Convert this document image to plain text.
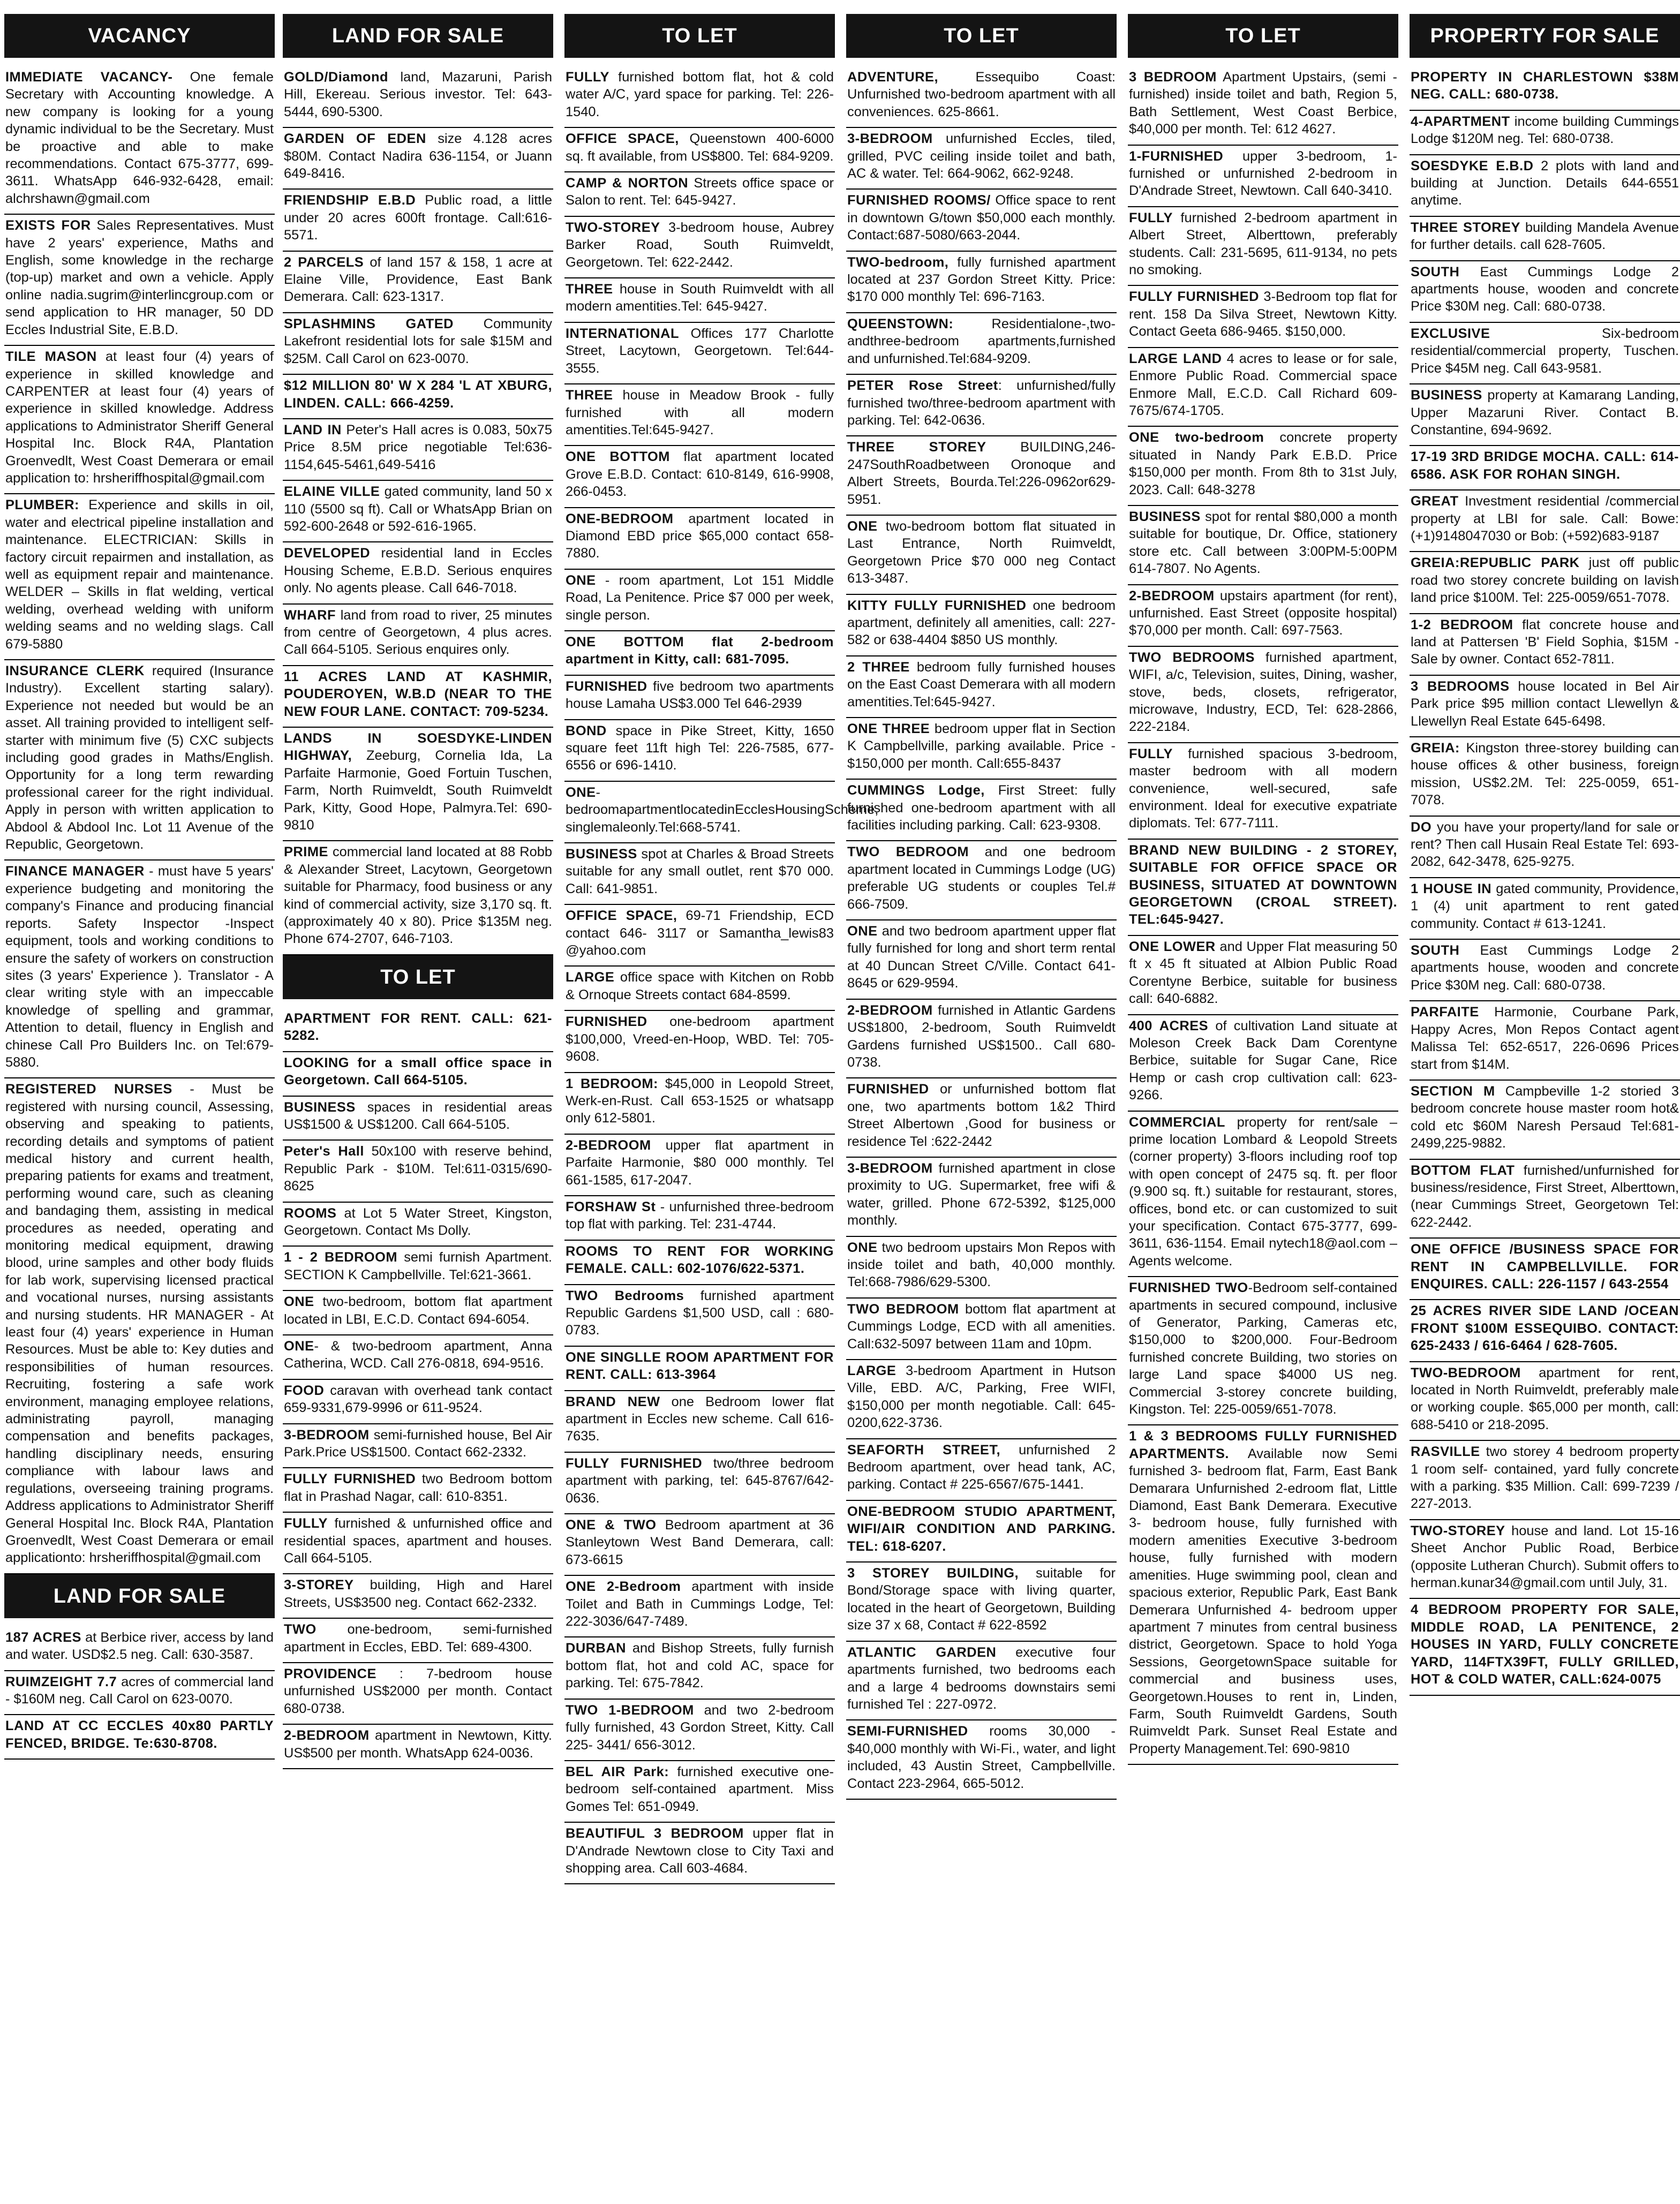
VACANCY
IMMEDIATE VACANCY- One female Secretary with Accounting knowledge. A new company is looking for a young dynamic individual to be the Secretary. Must be proactive and able to make recommendations. Contact 675-3777, 699-3611. WhatsApp 646-932-6428, email: alchrshawn@gmail.com
EXISTS FOR Sales Representatives. Must have 2 years' experience, Maths and English, some knowledge in the recharge (top-up) market and own a vehicle. Apply online nadia.sugrim@interlincgroup.com or send application to HR manager, 50 DD Eccles Industrial Site, E.B.D.
TILE MASON at least four (4) years of experience in skilled knowledge and CARPENTER at least four (4) years of experience in skilled knowledge. Address applications to Administrator Sheriff General Hospital Inc. Block R4A, Plantation Groenvedlt, West Coast Demerara or email application to: hrsheriffhospital@gmail.com
PLUMBER: Experience and skills in oil, water and electrical pipeline installation and maintenance. ELECTRICIAN: Skills in factory circuit repairmen and installation, as well as equipment repair and maintenance. WELDER – Skills in flat welding, vertical welding, overhead welding with uniform welding seams and no welding slags. Call 679-5880
INSURANCE CLERK required (Insurance Industry). Excellent starting salary). Experience not needed but would be an asset. All training provided to intelligent self-starter with minimum five (5) CXC subjects including good grades in Maths/English. Opportunity for a long term rewarding professional career for the right individual. Apply in person with written application to Abdool & Abdool Inc. Lot 11 Avenue of the Republic, Georgetown.
FINANCE MANAGER - must have 5 years' experience budgeting and monitoring the company's Finance and producing financial reports. Safety Inspector -Inspect equipment, tools and working conditions to ensure the safety of workers on construction sites (3 years' Experience ). Translator - A clear writing style with an impeccable knowledge of spelling and grammar, Attention to detail, fluency in English and chinese Call Pro Builders Inc. on Tel:679-5880.
REGISTERED NURSES - Must be registered with nursing council, Assessing, observing and speaking to patients, recording details and symptoms of patient medical history and current health, preparing patients for exams and treatment, performing wound care, such as cleaning and bandaging them, assisting in medical procedures as needed, operating and monitoring medical equipment, drawing blood, urine samples and other body fluids for lab work, supervising licensed practical and vocational nurses, nursing assistants and nursing students. HR MANAGER - At least four (4) years' experience in Human Resources. Must be able to: Key duties and responsibilities of human resources. Recruiting, fostering a safe work environment, managing employee relations, administrating payroll, managing compensation and benefits packages, handling disciplinary needs, ensuring compliance with labour laws and regulations, overseeing training programs. Address applications to Administrator Sheriff General Hospital Inc. Block R4A, Plantation Groenvedlt, West Coast Demerara or email applicationto: hrsheriffhospital@gmail.com
LAND FOR SALE
187 ACRES at Berbice river, access by land and water. USD$2.5 neg. Call: 630-3587.
RUIMZEIGHT 7.7 acres of commercial land - $160M neg. Call Carol on 623-0070.
LAND AT CC ECCLES 40x80 PARTLY FENCED, BRIDGE. Te:630-8708.
LAND FOR SALE
GOLD/Diamond land, Mazaruni, Parish Hill, Ekereau. Serious investor. Tel: 643-5444, 690-5300.
GARDEN OF EDEN size 4.128 acres $80M. Contact Nadira 636-1154, or Juann 649-8416.
FRIENDSHIP E.B.D Public road, a little under 20 acres 600ft frontage. Call:616-5571.
2 PARCELS of land 157 & 158, 1 acre at Elaine Ville, Providence, East Bank Demerara. Call: 623-1317.
SPLASHMINS GATED Community Lakefront residential lots for sale $15M and $25M. Call Carol on 623-0070.
$12 MILLION 80' W X 284 'L AT XBURG, LINDEN. CALL: 666-4259.
LAND IN Peter's Hall acres is 0.083, 50x75 Price 8.5M price negotiable Tel:636-1154,645-5461,649-5416
ELAINE VILLE gated community, land 50 x 110 (5500 sq ft). Call or WhatsApp Brian on 592-600-2648 or 592-616-1965.
DEVELOPED residential land in Eccles Housing Scheme, E.B.D. Serious enquires only. No agents please. Call 646-7018.
WHARF land from road to river, 25 minutes from centre of Georgetown, 4 plus acres. Call 664-5105. Serious enquires only.
11 ACRES LAND AT KASHMIR, POUDEROYEN, W.B.D (NEAR TO THE NEW FOUR LANE. CONTACT: 709-5234.
LANDS IN SOESDYKE-LINDEN HIGHWAY, Zeeburg, Cornelia Ida, La Parfaite Harmonie, Goed Fortuin Tuschen, Farm, North Ruimveldt, South Ruimveldt Park, Kitty, Good Hope, Palmyra.Tel: 690-9810
PRIME commercial land located at 88 Robb & Alexander Street, Lacytown, Georgetown suitable for Pharmacy, food business or any kind of commercial activity, size 3,170 sq. ft. (approximately 40 x 80). Price $135M neg. Phone 674-2707, 646-7103.
TO LET
APARTMENT FOR RENT. CALL: 621-5282.
LOOKING for a small office space in Georgetown. Call 664-5105.
BUSINESS spaces in residential areas US$1500 & US$1200. Call 664-5105.
Peter's Hall 50x100 with reserve behind, Republic Park - $10M. Tel:611-0315/690-8625
ROOMS at Lot 5 Water Street, Kingston, Georgetown. Contact Ms Dolly.
1 - 2 BEDROOM semi furnish Apartment. SECTION K Campbellville. Tel:621-3661.
ONE two-bedroom, bottom flat apartment located in LBI, E.C.D. Contact 694-6054.
ONE- & two-bedroom apartment, Anna Catherina, WCD. Call 276-0818, 694-9516.
FOOD caravan with overhead tank contact 659-9331,679-9996 or 611-9524.
3-BEDROOM semi-furnished house, Bel Air Park.Price US$1500. Contact 662-2332.
FULLY FURNISHED two Bedroom bottom flat in Prashad Nagar, call: 610-8351.
FULLY furnished & unfurnished office and residential spaces, apartment and houses. Call 664-5105.
3-STOREY building, High and Harel Streets, US$3500 neg. Contact 662-2332.
TWO one-bedroom, semi-furnished apartment in Eccles, EBD. Tel: 689-4300.
PROVIDENCE : 7-bedroom house unfurnished US$2000 per month. Contact 680-0738.
2-BEDROOM apartment in Newtown, Kitty. US$500 per month. WhatsApp 624-0036.
TO LET
FULLY furnished bottom flat, hot & cold water A/C, yard space for parking. Tel: 226-1540.
OFFICE SPACE, Queenstown 400-6000 sq. ft available, from US$800. Tel: 684-9209.
CAMP & NORTON Streets office space or Salon to rent. Tel: 645-9427.
TWO-STOREY 3-bedroom house, Aubrey Barker Road, South Ruimveldt, Georgetown. Tel: 622-2442.
THREE house in South Ruimveldt with all modern amentities.Tel: 645-9427.
INTERNATIONAL Offices 177 Charlotte Street, Lacytown, Georgetown. Tel:644-3555.
THREE house in Meadow Brook - fully furnished with all modern amentities.Tel:645-9427.
ONE BOTTOM flat apartment located Grove E.B.D. Contact: 610-8149, 616-9908, 266-0453.
ONE-BEDROOM apartment located in Diamond EBD price $65,000 contact 658-7880.
ONE - room apartment, Lot 151 Middle Road, La Penitence. Price $7 000 per week, single person.
ONE BOTTOM flat 2-bedroom apartment in Kitty, call: 681-7095.
FURNISHED five bedroom two apartments house Lamaha US$3.000 Tel 646-2939
BOND space in Pike Street, Kitty, 1650 square feet 11ft high Tel: 226-7585, 677-6556 or 696-1410.
ONE-bedroomapartmentlocatedinEcclesHousingScheme, singlemaleonly.Tel:668-5741.
BUSINESS spot at Charles & Broad Streets suitable for any small outlet, rent $70 000. Call: 641-9851.
OFFICE SPACE, 69-71 Friendship, ECD contact 646- 3117 or Samantha_lewis83 @yahoo.com
LARGE office space with Kitchen on Robb & Ornoque Streets contact 684-8599.
FURNISHED one-bedroom apartment $100,000, Vreed-en-Hoop, WBD. Tel: 705-9608.
1 BEDROOM: $45,000 in Leopold Street, Werk-en-Rust. Call 653-1525 or whatsapp only 612-5801.
2-BEDROOM upper flat apartment in Parfaite Harmonie, $80 000 monthly. Tel 661-1585, 617-2047.
FORSHAW St - unfurnished three-bedroom top flat with parking. Tel: 231-4744.
ROOMS TO RENT FOR WORKING FEMALE. CALL: 602-1076/622-5371.
TWO Bedrooms furnished apartment Republic Gardens $1,500 USD, call : 680-0783.
ONE SINGLLE ROOM APARTMENT FOR RENT. CALL: 613-3964
BRAND NEW one Bedroom lower flat apartment in Eccles new scheme. Call 616-7635.
FULLY FURNISHED two/three bedroom apartment with parking, tel: 645-8767/642-0636.
ONE & TWO Bedroom apartment at 36 Stanleytown West Band Demerara, call: 673-6615
ONE 2-Bedroom apartment with inside Toilet and Bath in Cummings Lodge, Tel: 222-3036/647-7489.
DURBAN and Bishop Streets, fully furnish bottom flat, hot and cold AC, space for parking. Tel: 675-7842.
TWO 1-BEDROOM and two 2-bedroom fully furnished, 43 Gordon Street, Kitty. Call 225- 3441/ 656-3012.
BEL AIR Park: furnished executive one-bedroom self-contained apartment. Miss Gomes Tel: 651-0949.
BEAUTIFUL 3 BEDROOM upper flat in D'Andrade Newtown close to City Taxi and shopping area. Call 603-4684.
TO LET
ADVENTURE, Essequibo Coast: Unfurnished two-bedroom apartment with all conveniences. 625-8661.
3-BEDROOM unfurnished Eccles, tiled, grilled, PVC ceiling inside toilet and bath, AC & water. Tel: 664-9062, 662-9248.
FURNISHED ROOMS/ Office space to rent in downtown G/town $50,000 each monthly. Contact:687-5080/663-2044.
TWO-bedroom, fully furnished apartment located at 237 Gordon Street Kitty. Price: $170 000 monthly Tel: 696-7163.
QUEENSTOWN: Residentialone-,two-andthree-bedroom apartments,furnished and unfurnished.Tel:684-9209.
PETER Rose Street: unfurnished/fully furnished two/three-bedroom apartment with parking. Tel: 642-0636.
THREE STOREY BUILDING,246-247SouthRoadbetween Oronoque and Albert Streets, Bourda.Tel:226-0962or629-5951.
ONE two-bedroom bottom flat situated in Last Entrance, North Ruimveldt, Georgetown Price $70 000 neg Contact 613-3487.
KITTY FULLY FURNISHED one bedroom apartment, definitely all amenities, call: 227-582 or 638-4404 $850 US monthly.
2 THREE bedroom fully furnished houses on the East Coast Demerara with all modern amentities.Tel:645-9427.
ONE THREE bedroom upper flat in Section K Campbellville, parking available. Price - $150,000 per month. Call:655-8437
CUMMINGS Lodge, First Street: fully furnished one-bedroom apartment with all facilities including parking. Call: 623-9308.
TWO BEDROOM and one bedroom apartment located in Cummings Lodge (UG) preferable UG students or couples Tel.# 666-7509.
ONE and two bedroom apartment upper flat fully furnished for long and short term rental at 40 Duncan Street C/Ville. Contact 641-8645 or 629-9594.
2-BEDROOM furnished in Atlantic Gardens US$1800, 2-bedroom, South Ruimveldt Gardens furnished US$1500.. Call 680-0738.
FURNISHED or unfurnished bottom flat one, two apartments bottom 1&2 Third Street Albertown ,Good for business or residence Tel :622-2442
3-BEDROOM furnished apartment in close proximity to UG. Supermarket, free wifi & water, grilled. Phone 672-5392, $125,000 monthly.
ONE two bedroom upstairs Mon Repos with inside toilet and bath, 40,000 monthly. Tel:668-7986/629-5300.
TWO BEDROOM bottom flat apartment at Cummings Lodge, ECD with all amenities. Call:632-5097 between 11am and 10pm.
LARGE 3-bedroom Apartment in Hutson Ville, EBD. A/C, Parking, Free WIFI, $150,000 per month negotiable. Call: 645-0200,622-3736.
SEAFORTH STREET, unfurnished 2 Bedroom apartment, over head tank, AC, parking. Contact # 225-6567/675-1441.
ONE-BEDROOM STUDIO APARTMENT, WIFI/AIR CONDITION AND PARKING. TEL: 618-6207.
3 STOREY BUILDING, suitable for Bond/Storage space with living quarter, located in the heart of Georgetown, Building size 37 x 68, Contact # 622-8592
ATLANTIC GARDEN executive four apartments furnished, two bedrooms each and a large 4 bedrooms downstairs semi furnished Tel : 227-0972.
SEMI-FURNISHED rooms 30,000 - $40,000 monthly with Wi-Fi., water, and light included, 43 Austin Street, Campbellville. Contact 223-2964, 665-5012.
TO LET
3 BEDROOM Apartment Upstairs, (semi - furnished) inside toilet and bath, Region 5, Bath Settlement, West Coast Berbice, $40,000 per month. Tel: 612 4627.
1-FURNISHED upper 3-bedroom, 1-furnished or unfurnished 2-bedroom in D'Andrade Street, Newtown. Call 640-3410.
FULLY furnished 2-bedroom apartment in Albert Street, Alberttown, preferably students. Call: 231-5695, 611-9134, no pets no smoking.
FULLY FURNISHED 3-Bedroom top flat for rent. 158 Da Silva Street, Newtown Kitty. Contact Geeta 686-9465. $150,000.
LARGE LAND 4 acres to lease or for sale, Enmore Public Road. Commercial space Enmore Mall, E.C.D. Call Richard 609-7675/674-1705.
ONE two-bedroom concrete property situated in Nandy Park E.B.D. Price $150,000 per month. From 8th to 31st July, 2023. Call: 648-3278
BUSINESS spot for rental $80,000 a month suitable for boutique, Dr. Office, stationery store etc. Call between 3:00PM-5:00PM 614-7807. No Agents.
2-BEDROOM upstairs apartment (for rent), unfurnished. East Street (opposite hospital) $70,000 per month. Call: 697-7563.
TWO BEDROOMS furnished apartment, WIFI, a/c, Television, suites, Dining, washer, stove, beds, closets, refrigerator, microwave, Industry, ECD, Tel: 628-2866, 222-2184.
FULLY furnished spacious 3-bedroom, master bedroom with all modern convenience, well-secured, safe environment. Ideal for executive expatriate diplomats. Tel: 677-7111.
BRAND NEW BUILDING - 2 STOREY, SUITABLE FOR OFFICE SPACE OR BUSINESS, SITUATED AT DOWNTOWN GEORGETOWN (CROAL STREET). TEL:645-9427.
ONE LOWER and Upper Flat measuring 50 ft x 45 ft situated at Albion Public Road Corentyne Berbice, suitable for business call: 640-6882.
400 ACRES of cultivation Land situate at Moleson Creek Back Dam Corentyne Berbice, suitable for Sugar Cane, Rice Hemp or cash crop cultivation call: 623-9266.
COMMERCIAL property for rent/sale – prime location Lombard & Leopold Streets (corner property) 3-floors including roof top with open concept of 2475 sq. ft. per floor (9.900 sq. ft.) suitable for restaurant, stores, offices, bond etc. or can customized to suit your specification. Contact 675-3777, 699-3611, 636-1154. Email nytech18@aol.com – Agents welcome.
FURNISHED TWO-Bedroom self-contained apartments in secured compound, inclusive of Generator, Parking, Cameras etc, $150,000 to $200,000. Four-Bedroom furnished concrete Building, two stories on large Land space $4000 US neg. Commercial 3-storey concrete building, Kingston. Tel: 225-0059/651-7078.
1 & 3 BEDROOMS FULLY FURNISHED APARTMENTS. Available now Semi furnished 3- bedroom flat, Farm, East Bank Demarara Unfurnished 2-edroom flat, Little Diamond, East Bank Demerara. Executive 3- bedroom house, fully furnished with modern amenities Executive 3-bedroom house, fully furnished with modern amenities. Huge swimming pool, clean and spacious exterior, Republic Park, East Bank Demerara Unfurnished 4- bedroom upper apartment 7 minutes from central business district, Georgetown. Space to hold Yoga Sessions, GeorgetownSpace suitable for commercial and business uses, Georgetown.Houses to rent in, Linden, Farm, South Ruimveldt Gardens, South Ruimveldt Park. Sunset Real Estate and Property Management.Tel: 690-9810
PROPERTY FOR SALE
PROPERTY IN CHARLESTOWN $38M NEG. CALL: 680-0738.
4-APARTMENT income building Cummings Lodge $120M neg. Tel: 680-0738.
SOESDYKE E.B.D 2 plots with land and building at Junction. Details 644-6551 anytime.
THREE STOREY building Mandela Avenue for further details. call 628-7605.
SOUTH East Cummings Lodge 2 apartments house, wooden and concrete Price $30M neg. Call: 680-0738.
EXCLUSIVE Six-bedroom residential/commercial property, Tuschen. Price $45M neg. Call 643-9581.
BUSINESS property at Kamarang Landing, Upper Mazaruni River. Contact B. Constantine, 694-9692.
17-19 3RD BRIDGE MOCHA. CALL: 614-6586. ASK FOR ROHAN SINGH.
GREAT Investment residential /commercial property at LBI for sale. Call: Bowe: (+1)9148047030 or Bob: (+592)683-9187
GREIA:REPUBLIC PARK just off public road two storey concrete building on lavish land price $100M. Tel: 225-0059/651-7078.
1-2 BEDROOM flat concrete house and land at Pattersen 'B' Field Sophia, $15M - Sale by owner. Contact 652-7811.
3 BEDROOMS house located in Bel Air Park price $95 million contact Llewellyn & Llewellyn Real Estate 645-6498.
GREIA: Kingston three-storey building can house offices & other business, foreign mission, US$2.2M. Tel: 225-0059, 651-7078.
DO you have your property/land for sale or rent? Then call Husain Real Estate Tel: 693-2082, 642-3478, 625-9275.
1 HOUSE IN gated community, Providence, 1 (4) unit apartment to rent gated community. Contact # 613-1241.
SOUTH East Cummings Lodge 2 apartments house, wooden and concrete Price $30M neg. Call: 680-0738.
PARFAITE Harmonie, Courbane Park, Happy Acres, Mon Repos Contact agent Malissa Tel: 652-6517, 226-0696 Prices start from $14M.
SECTION M Campbeville 1-2 storied 3 bedroom concrete house master room hot& cold etc $60M Naresh Persaud Tel:681-2499,225-9882.
BOTTOM FLAT furnished/unfurnished for business/residence, First Street, Alberttown, (near Cummings Street, Georgetown Tel: 622-2442.
ONE OFFICE /BUSINESS SPACE FOR RENT IN CAMPBELLVILLE. FOR ENQUIRES. CALL: 226-1157 / 643-2554
25 ACRES RIVER SIDE LAND /OCEAN FRONT $100M ESSEQUIBO. CONTACT: 625-2433 / 616-6464 / 628-7605.
TWO-BEDROOM apartment for rent, located in North Ruimveldt, preferably male or working couple. $65,000 per month, call: 688-5410 or 218-2095.
RASVILLE two storey 4 bedroom property 1 room self- contained, yard fully concrete with a parking. $35 Million. Call: 699-7239 / 227-2013.
TWO-STOREY house and land. Lot 15-16 Sheet Anchor Public Road, Berbice (opposite Lutheran Church). Submit offers to herman.kunar34@gmail.com until July, 31.
4 BEDROOM PROPERTY FOR SALE, MIDDLE ROAD, LA PENITENCE, 2 HOUSES IN YARD, FULLY CONCRETE YARD, 114FTX39FT, FULLY GRILLED, HOT & COLD WATER, CALL:624-0075
